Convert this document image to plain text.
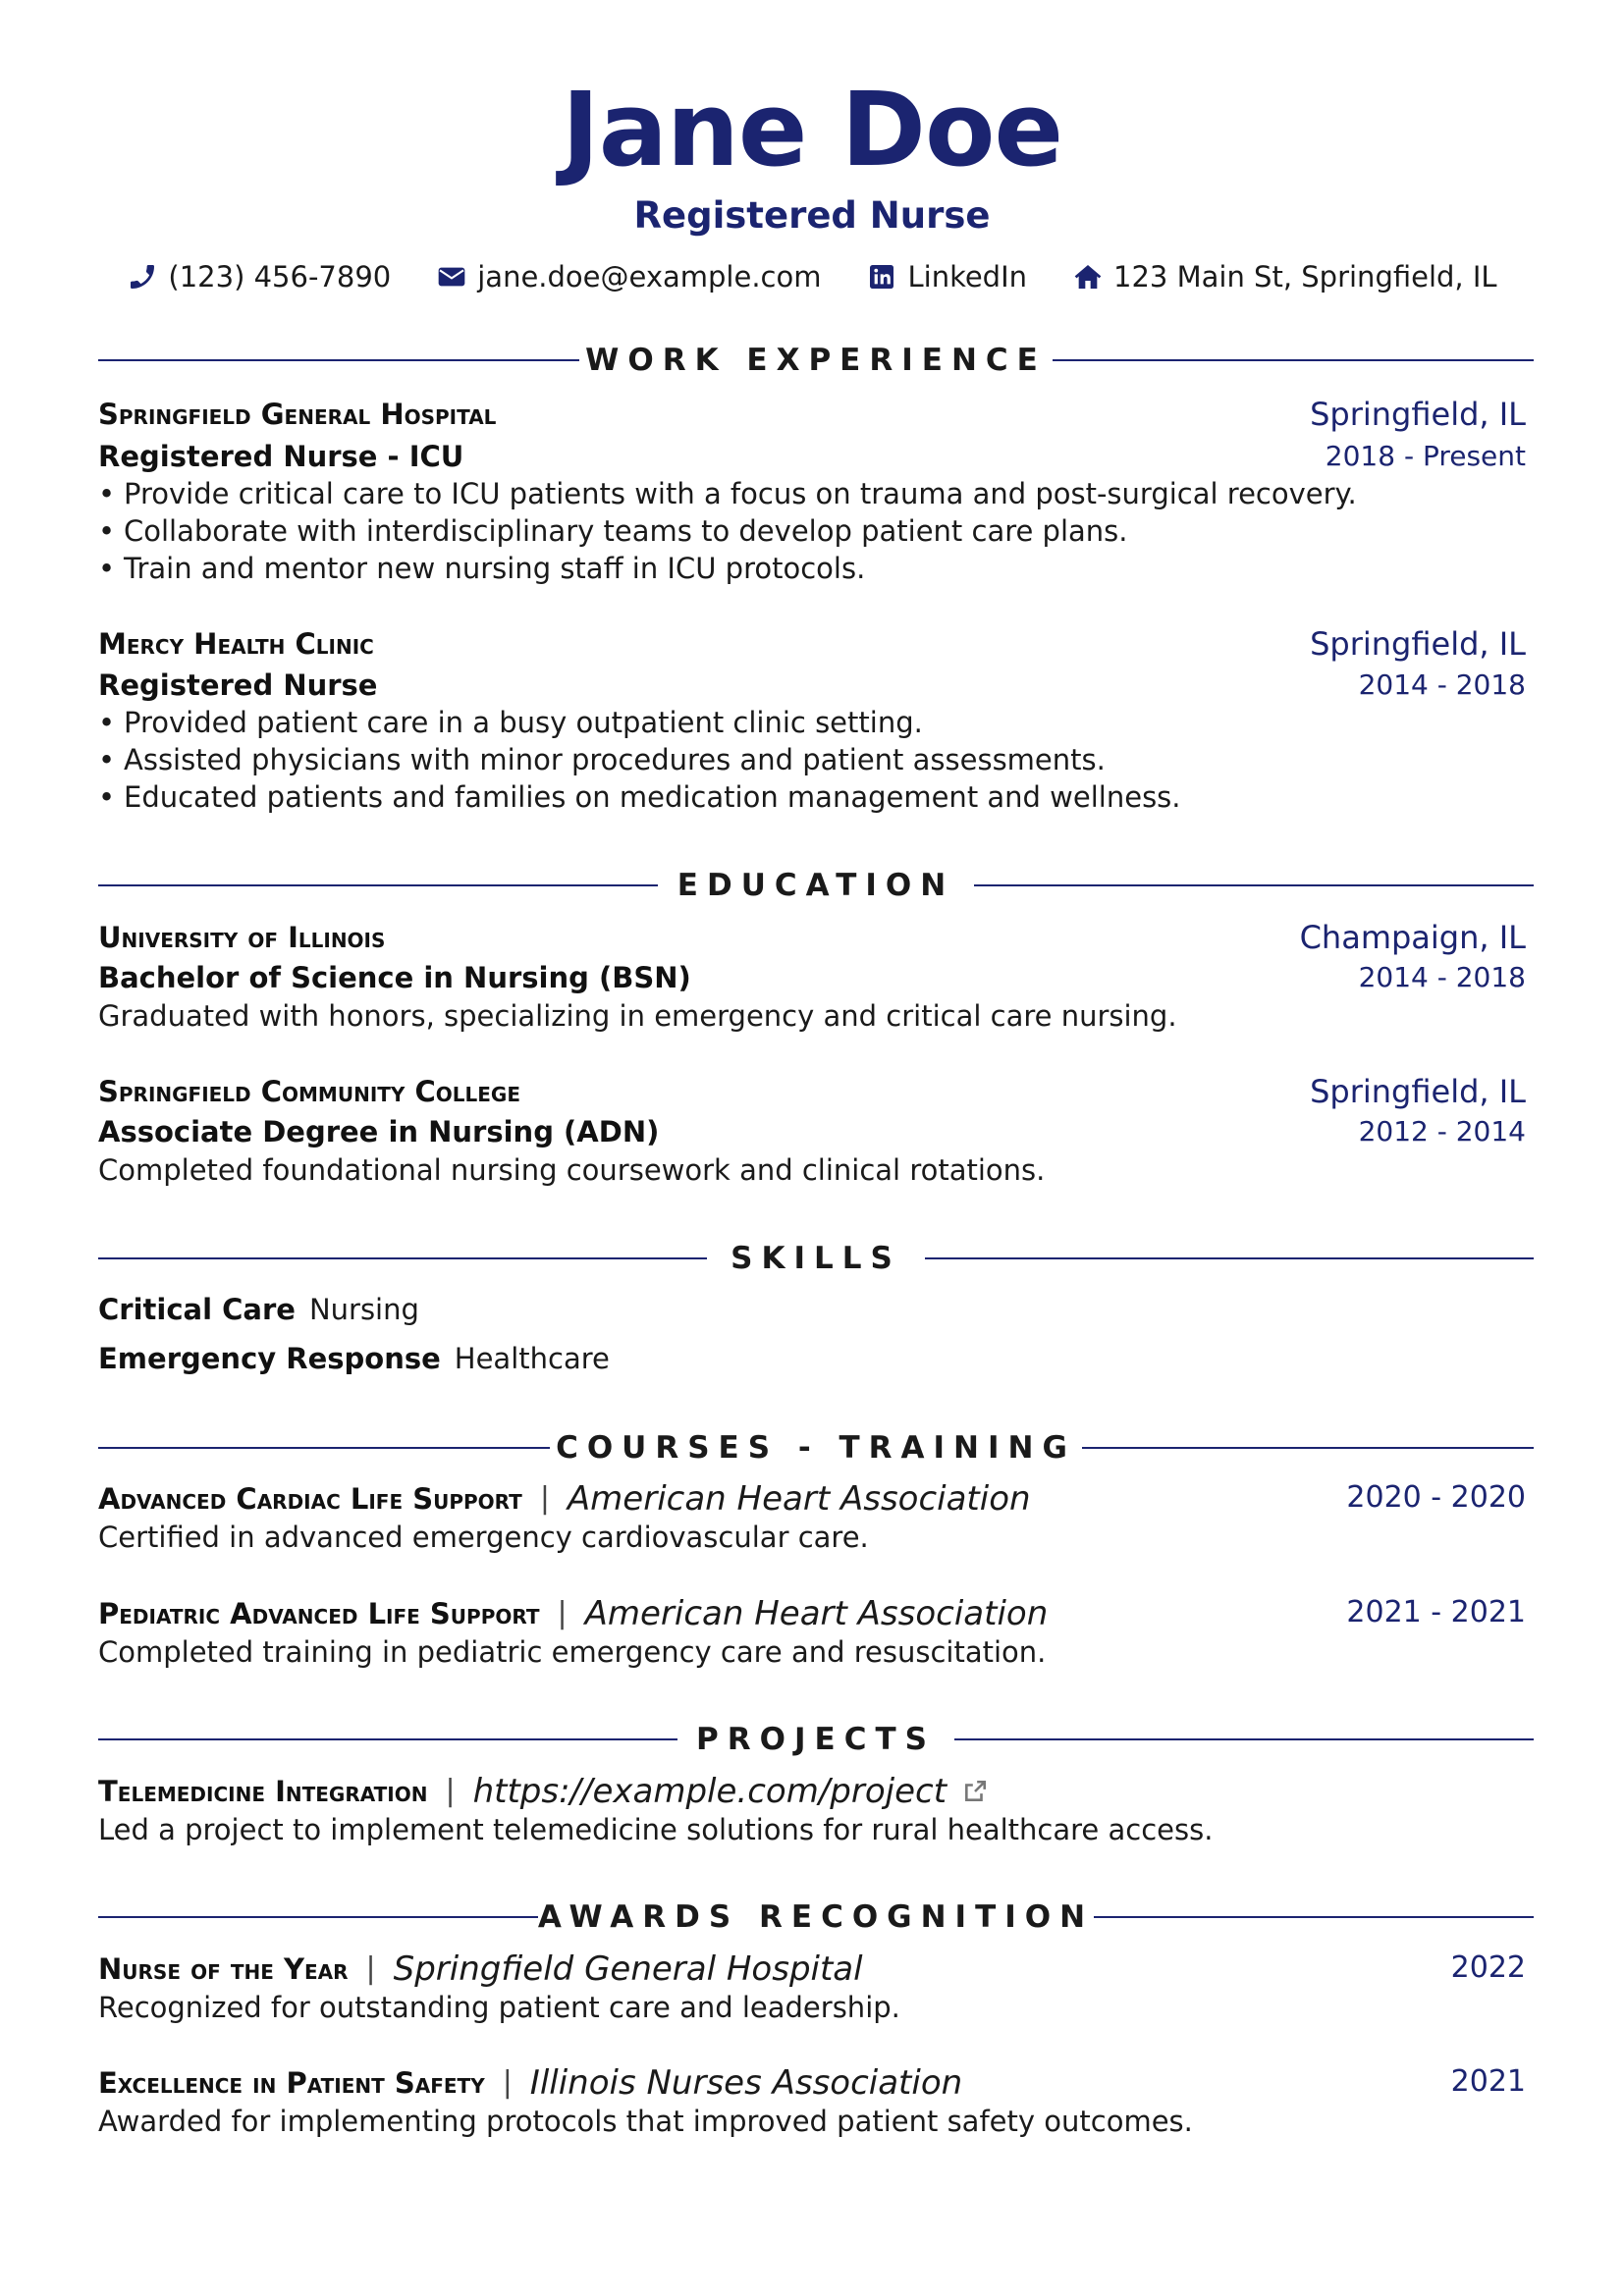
Jane Doe
Registered Nurse
(123) 456-7890	jane.doe@example.com	LinkedIn	123 Main St, Springfield, IL
WORK EXPERIENCE
Springfield General Hospital	Springfield, IL
Registered Nurse - ICU	2018 - Present
• Provide critical care to ICU patients with a focus on trauma and post-surgical recovery.
• Collaborate with interdisciplinary teams to develop patient care plans.
• Train and mentor new nursing staff in ICU protocols.
Mercy Health Clinic	Springfield, IL
Registered Nurse	2014 - 2018
• Provided patient care in a busy outpatient clinic setting.
• Assisted physicians with minor procedures and patient assessments.
• Educated patients and families on medication management and wellness.
EDUCATION
University of Illinois	Champaign, IL
Bachelor of Science in Nursing (BSN)	2014 - 2018
Graduated with honors, specializing in emergency and critical care nursing.
Springfield Community College	Springfield, IL
Associate Degree in Nursing (ADN)	2012 - 2014
Completed foundational nursing coursework and clinical rotations.
SKILLS
Critical Care Nursing
Emergency Response Healthcare
COURSES - TRAINING
Advanced Cardiac Life Support | American Heart Association	2020 - 2020
Certified in advanced emergency cardiovascular care.
Pediatric Advanced Life Support | American Heart Association	2021 - 2021
Completed training in pediatric emergency care and resuscitation.
PROJECTS
Telemedicine Integration | https://example.com/project
Led a project to implement telemedicine solutions for rural healthcare access.
AWARDS RECOGNITION
Nurse of the Year | Springfield General Hospital	2022
Recognized for outstanding patient care and leadership.
Excellence in Patient Safety | Illinois Nurses Association	2021
Awarded for implementing protocols that improved patient safety outcomes.
